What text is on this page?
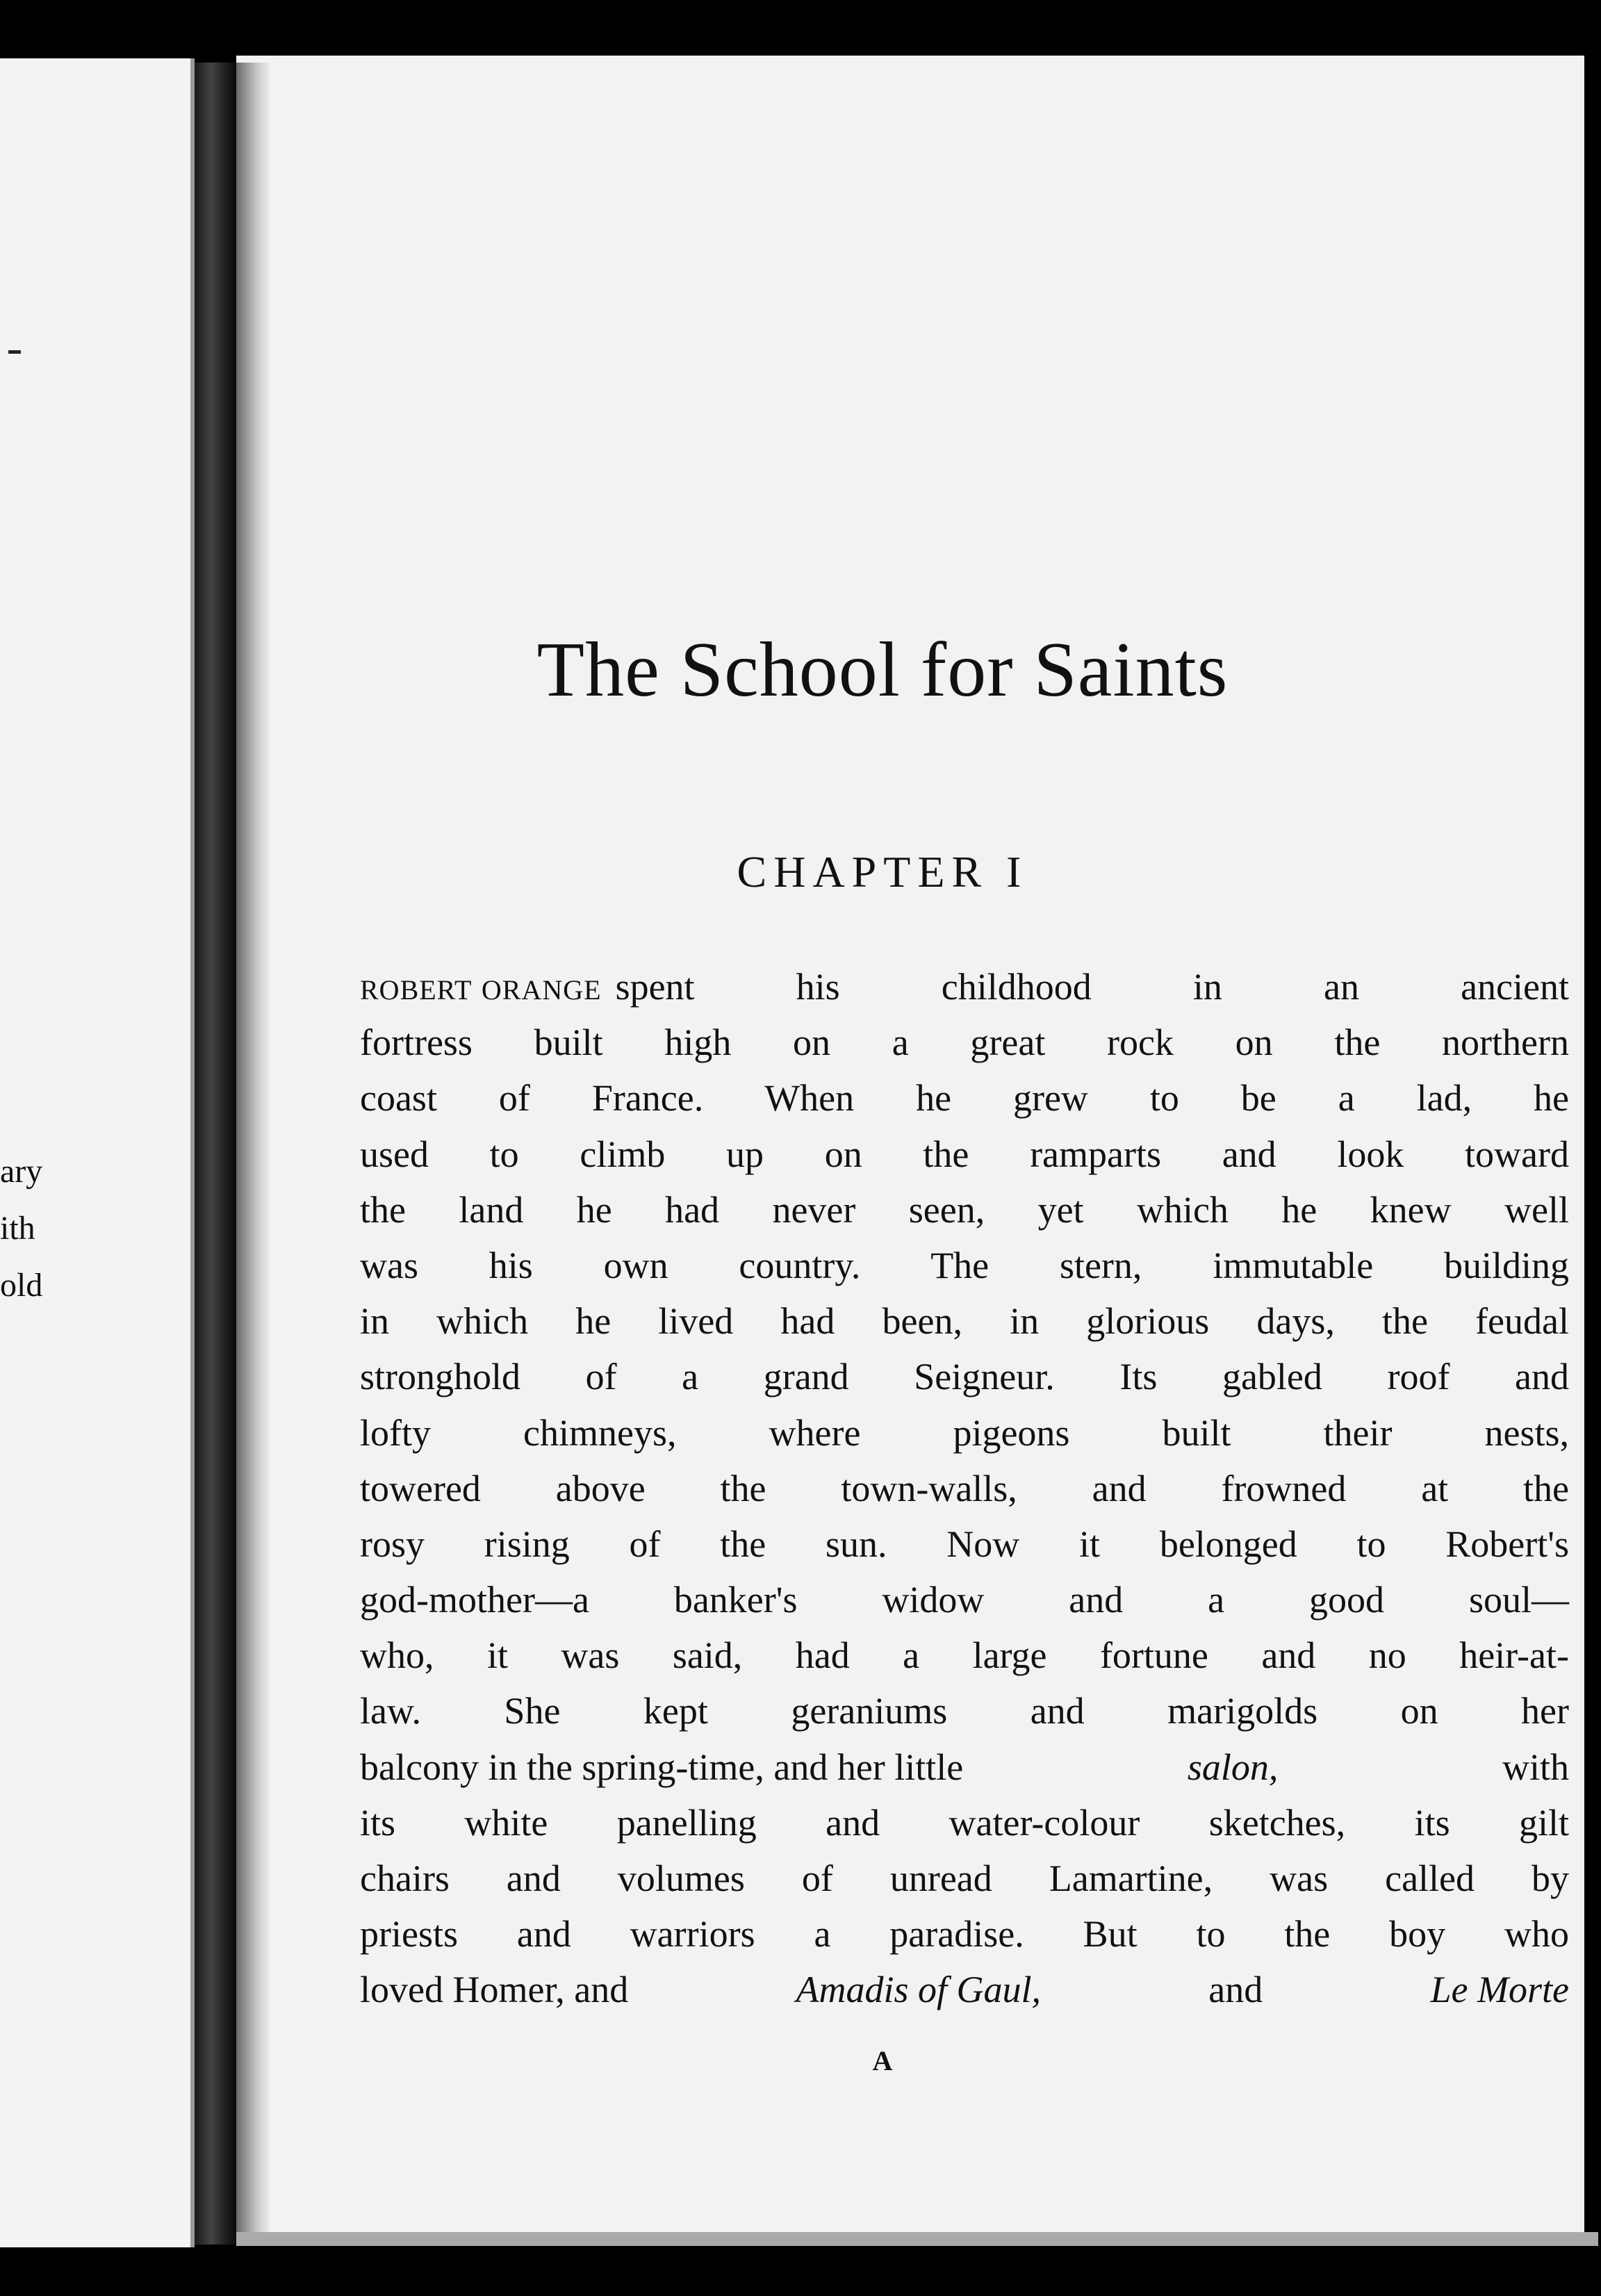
ary
ith
old
The School for Saints
CHAPTER I
ROBERT ORANGE spent his childhood in an ancient
fortress built high on a great rock on the northern
coast of France. When he grew to be a lad, he
used to climb up on the ramparts and look toward
the land he had never seen, yet which he knew well
was his own country. The stern, immutable building
in which he lived had been, in glorious days, the feudal
stronghold of a grand Seigneur. Its gabled roof and
lofty chimneys, where pigeons built their nests,
towered above the town-walls, and frowned at the
rosy rising of the sun. Now it belonged to Robert's
god-mother—a banker's widow and a good soul—
who, it was said, had a large fortune and no heir-at-
law. She kept geraniums and marigolds on her
balcony in the spring-time, and her little	salon,	with
its white panelling and water-colour sketches, its gilt
chairs and volumes of unread Lamartine, was called by
priests and warriors a paradise. But to the boy who
loved Homer, and	Amadis of Gaul,	and	Le Morte
A
